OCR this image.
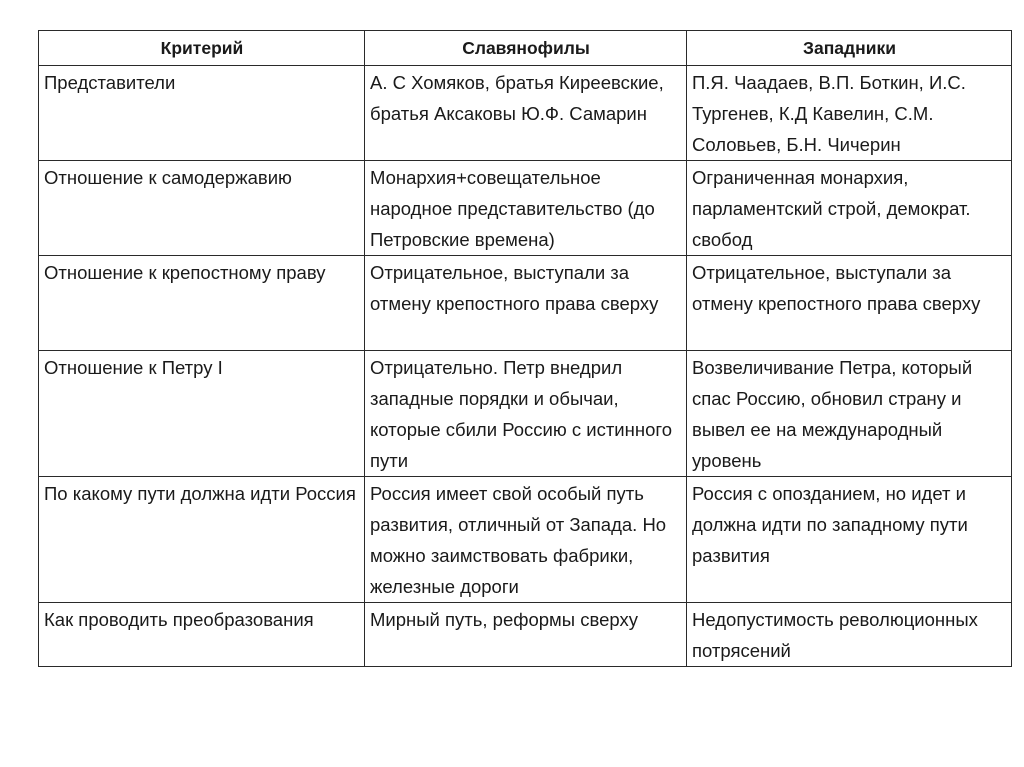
Критерий	Славянофилы	Западники
Представители	А. С Хомяков, братья Киреевские, братья Аксаковы Ю.Ф. Самарин	П.Я. Чаадаев, В.П. Боткин, И.С. Тургенев, К.Д Кавелин, С.М. Соловьев, Б.Н. Чичерин
Отношение к самодержавию	Монархия+совещательное народное представительство (до Петровские времена)	Ограниченная монархия, парламентский строй, демократ. свобод
Отношение к крепостному праву	Отрицательное, выступали за отмену крепостного права сверху	Отрицательное, выступали за отмену крепостного права сверху
Отношение к Петру I	Отрицательно. Петр внедрил западные порядки и обычаи, которые сбили Россию с истинного пути	Возвеличивание Петра, который спас Россию, обновил страну и вывел ее на международный уровень
По какому пути должна идти Россия	Россия имеет свой особый путь развития, отличный от Запада. Но можно заимствовать фабрики, железные дороги	Россия с опозданием, но идет и должна идти по западному пути развития
Как проводить преобразования	Мирный путь, реформы сверху	Недопустимость революционных потрясений
